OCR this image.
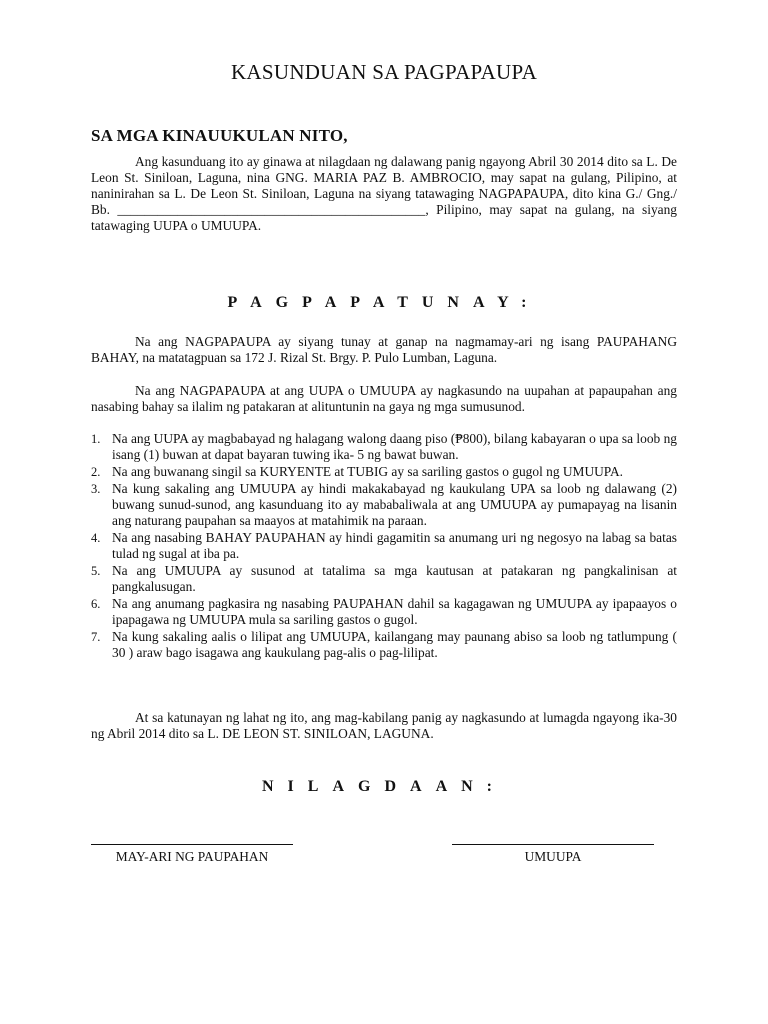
KASUNDUAN SA PAGPAPAUPA
SA MGA KINAUUKULAN NITO,

Ang kasunduang ito ay ginawa at nilagdaan ng dalawang panig ngayong Abril 30 2014 dito sa L. De Leon St. Siniloan, Laguna, nina GNG. MARIA PAZ B. AMBROCIO, may sapat na gulang, Pilipino, at naninirahan sa L. De Leon St. Siniloan, Laguna na siyang tatawaging NAGPAPAUPA, dito kina G./ Gng./ Bb. ______________________________________________, Pilipino, may sapat na gulang, na siyang tatawaging UUPA o UMUUPA.

PAGPAPATUNAY:

Na ang NAGPAPAUPA ay siyang tunay at ganap na nagmamay-ari ng isang PAUPAHANG BAHAY, na matatagpuan sa 172 J. Rizal St. Brgy. P. Pulo Lumban, Laguna.

Na ang NAGPAPAUPA at ang UUPA o UMUUPA ay nagkasundo na uupahan at papaupahan ang nasabing bahay sa ilalim ng patakaran at alituntunin na gaya ng mga sumusunod.

1. Na ang UUPA ay magbabayad ng halagang walong daang piso (₱800), bilang kabayaran o upa sa loob ng isang (1) buwan at dapat bayaran tuwing ika- 5 ng bawat buwan.
2. Na ang buwanang singil sa KURYENTE at TUBIG ay sa sariling gastos o gugol ng UMUUPA.
3. Na kung sakaling ang UMUUPA ay hindi makakabayad ng kaukulang UPA sa loob ng dalawang (2) buwang sunud-sunod, ang kasunduang ito ay mababaliwala at ang UMUUPA ay pumapayag na lisanin ang naturang paupahan sa maayos at matahimik na paraan.
4. Na ang nasabing BAHAY PAUPAHAN ay hindi gagamitin sa anumang uri ng negosyo na labag sa batas tulad ng sugal at iba pa.
5. Na ang UMUUPA ay susunod at tatalima sa mga kautusan at patakaran ng pangkalinisan at pangkalusugan.
6. Na ang anumang pagkasira ng nasabing PAUPAHAN dahil sa kagagawan ng UMUUPA ay ipapaayos o ipapagawa ng UMUUPA mula sa sariling gastos o gugol.
7. Na kung sakaling aalis o lilipat ang UMUUPA, kailangang may paunang abiso sa loob ng tatlumpung ( 30 ) araw bago isagawa ang kaukulang pag-alis o pag-lilipat.

At sa katunayan ng lahat ng ito, ang mag-kabilang panig ay nagkasundo at lumagda ngayong ika-30 ng Abril 2014 dito sa L. DE LEON ST. SINILOAN, LAGUNA.

NILAGDAAN:
MAY-ARI NG PAUPAHAN	UMUUPA
